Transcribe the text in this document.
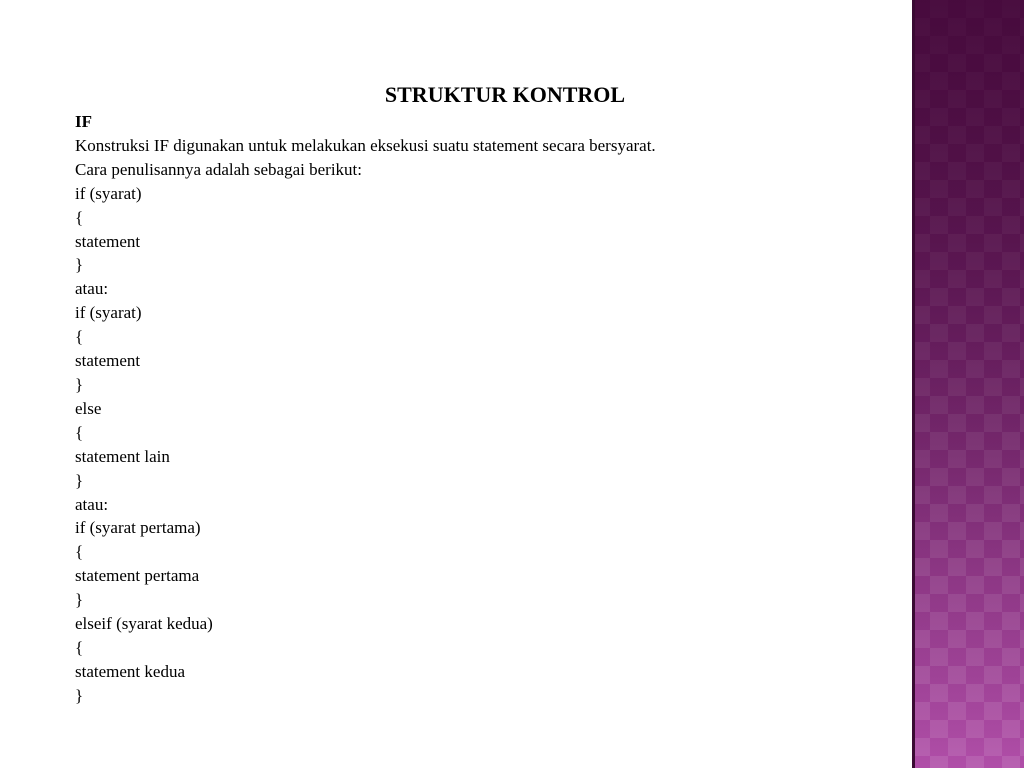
STRUKTUR KONTROL
IF
Konstruksi IF digunakan untuk melakukan eksekusi suatu statement secara bersyarat.
Cara penulisannya adalah sebagai berikut:
if (syarat)
{
statement
}
atau:
if (syarat)
{
statement
}
else
{
statement lain
}
atau:
if (syarat pertama)
{
statement pertama
}
elseif (syarat kedua)
{
statement kedua
}
